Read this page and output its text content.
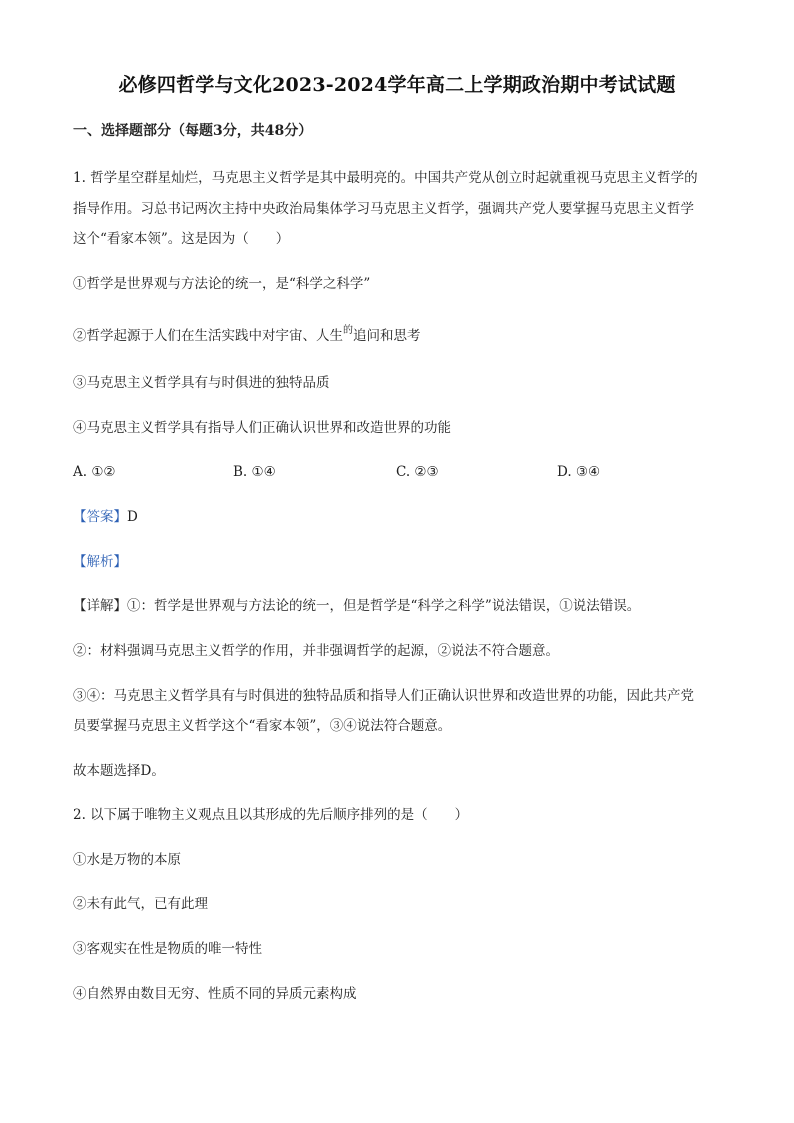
必修四哲学与文化2023-2024学年高二上学期政治期中考试试题
一、选择题部分（每题3分，共48分）
1. 哲学星空群星灿烂，马克思主义哲学是其中最明亮的。中国共产党从创立时起就重视马克思主义哲学的
指导作用。习总书记两次主持中央政治局集体学习马克思主义哲学，强调共产党人要掌握马克思主义哲学
这个“看家本领”。这是因为（　　）
①哲学是世界观与方法论的统一，是“科学之科学”
②哲学起源于人们在生活实践中对宇宙、人生$^的$追问和思考
③马克思主义哲学具有与时俱进的独特品质
④马克思主义哲学具有指导人们正确认识世界和改造世界的功能
A. ①②	B. ①④	C. ②③	D. ③④
【答案】D
【解析】
【详解】①：哲学是世界观与方法论的统一，但是哲学是“科学之科学”说法错误，①说法错误。
②：材料强调马克思主义哲学的作用，并非强调哲学的起源，②说法不符合题意。
③④：马克思主义哲学具有与时俱进的独特品质和指导人们正确认识世界和改造世界的功能，因此共产党
员要掌握马克思主义哲学这个“看家本领”，③④说法符合题意。
故本题选择D。
2. 以下属于唯物主义观点且以其形成的先后顺序排列的是（　　）
①水是万物的本原
②未有此气，已有此理
③客观实在性是物质的唯一特性
④自然界由数目无穷、性质不同的异质元素构成
